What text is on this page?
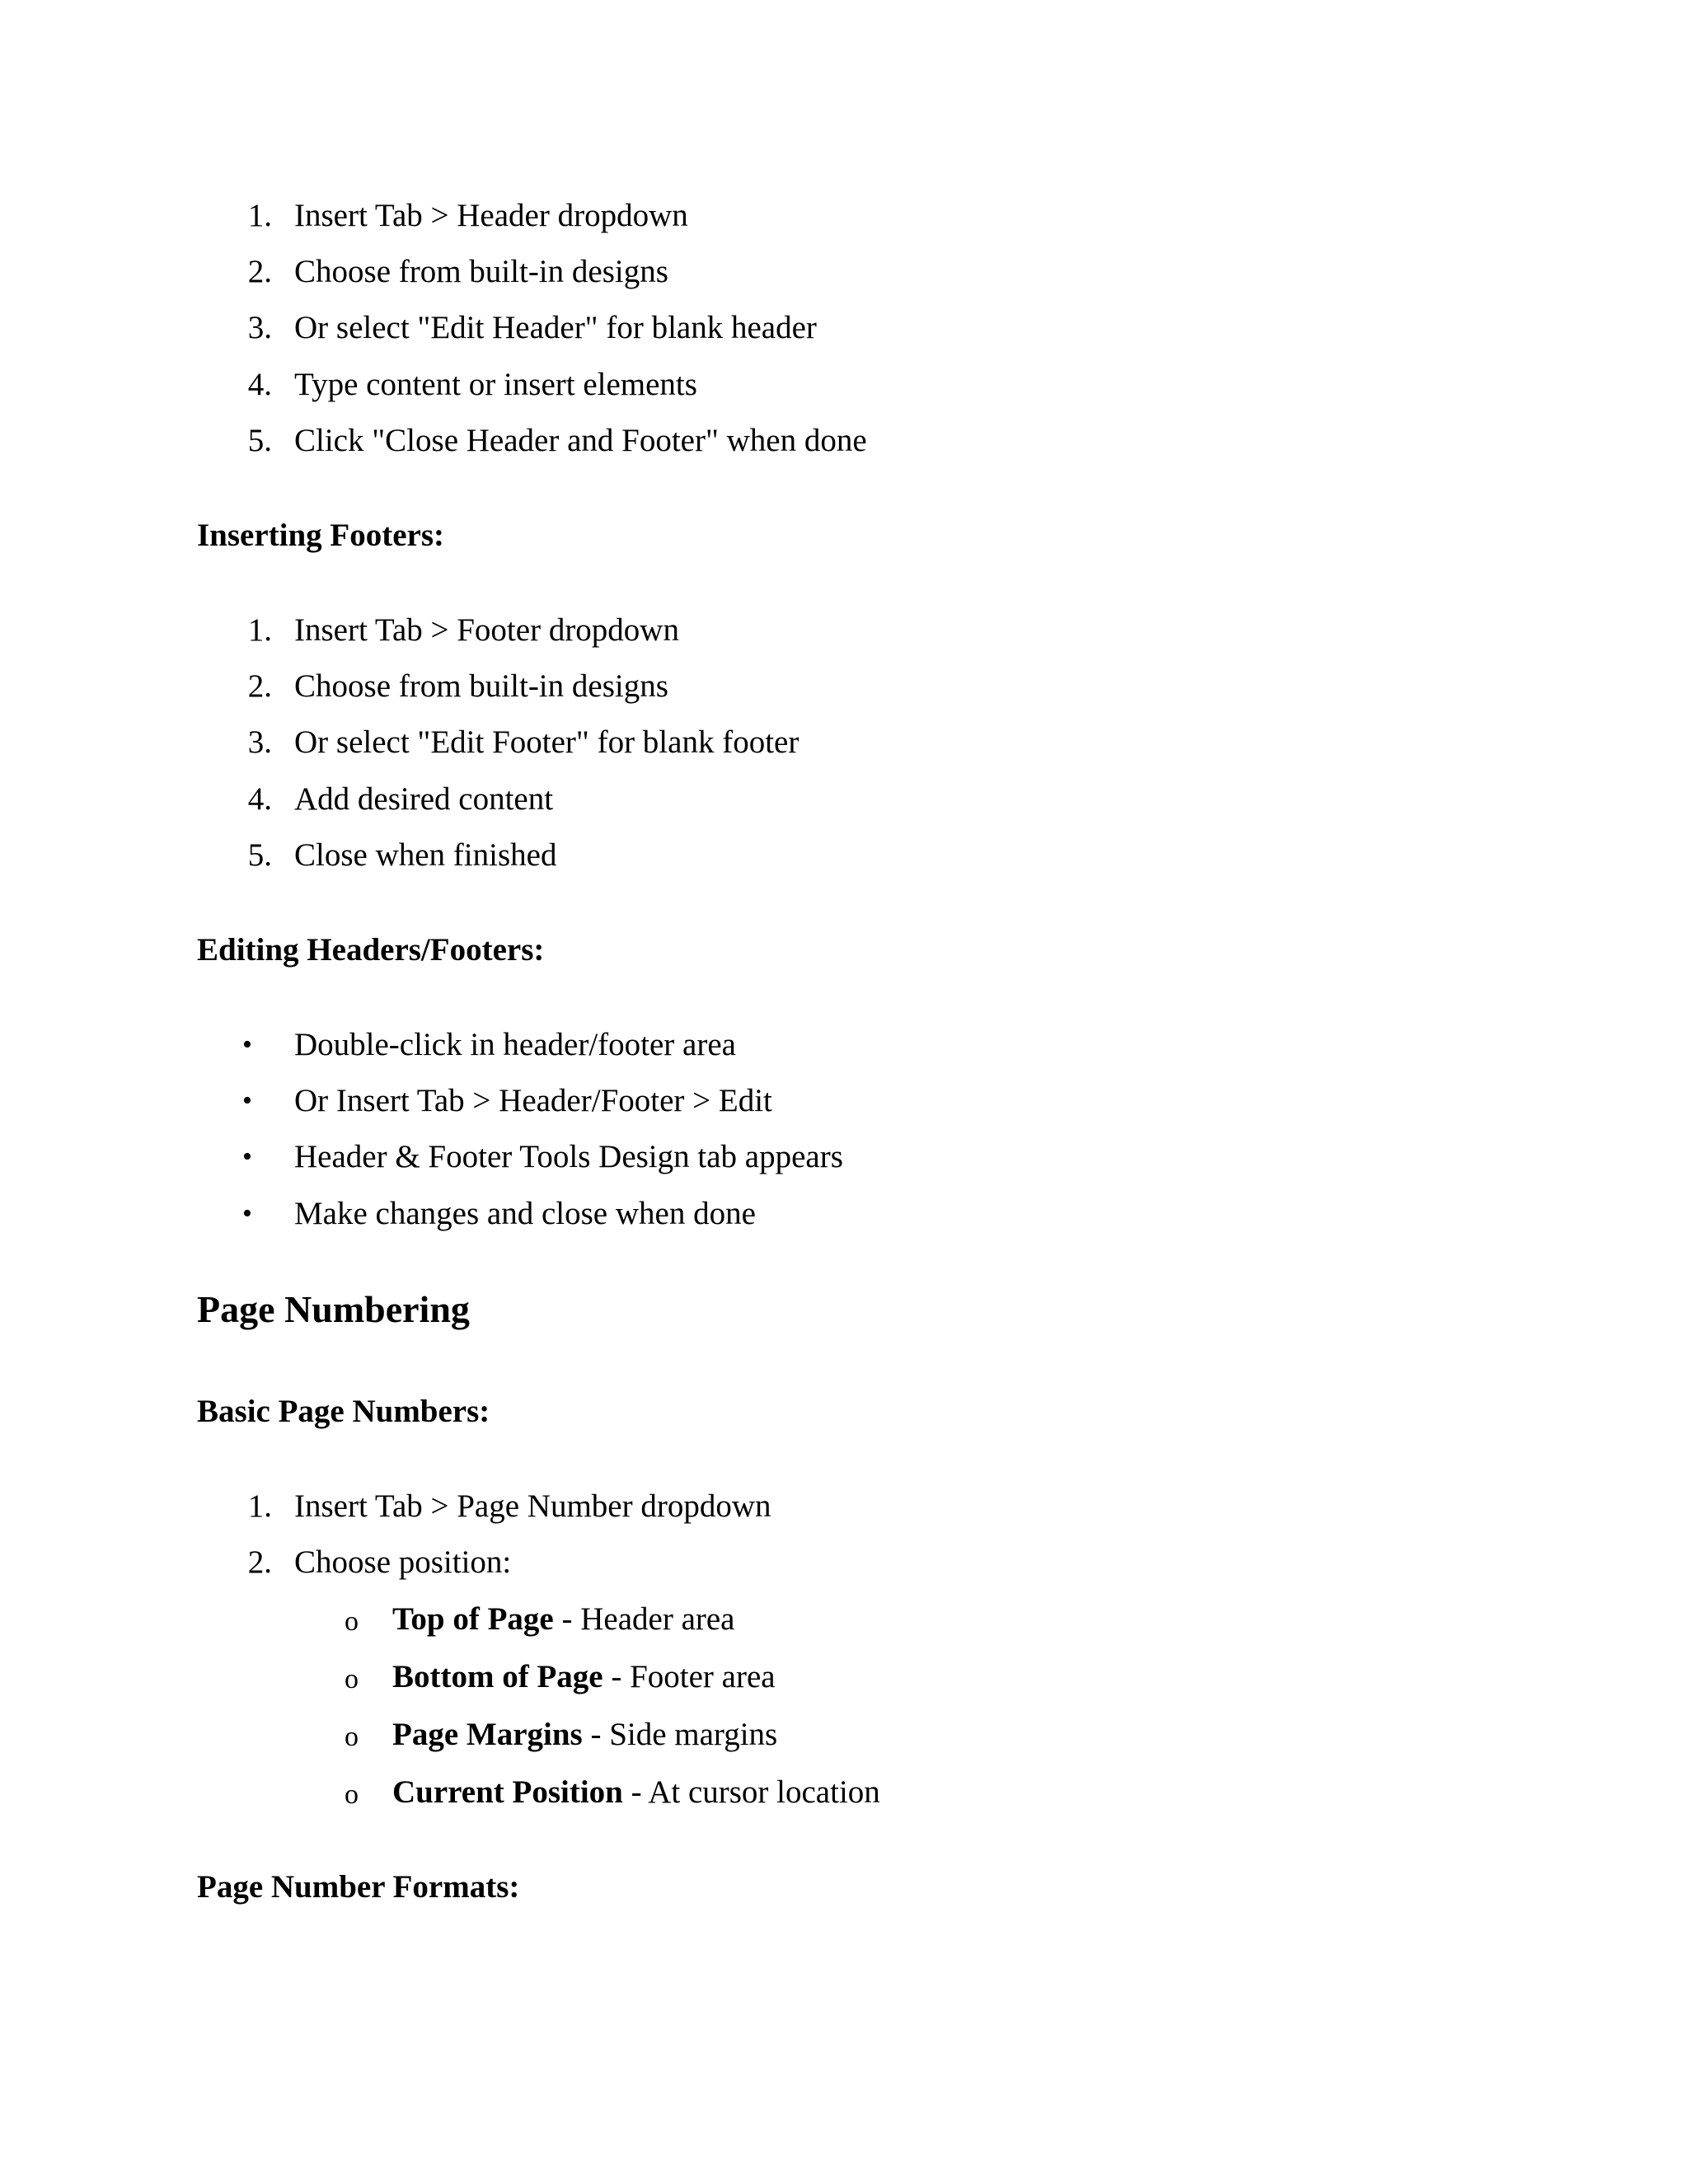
1. Insert Tab > Header dropdown
2. Choose from built-in designs
3. Or select "Edit Header" for blank header
4. Type content or insert elements
5. Click "Close Header and Footer" when done
Inserting Footers:
1. Insert Tab > Footer dropdown
2. Choose from built-in designs
3. Or select "Edit Footer" for blank footer
4. Add desired content
5. Close when finished
Editing Headers/Footers:
• Double-click in header/footer area
• Or Insert Tab > Header/Footer > Edit
• Header & Footer Tools Design tab appears
• Make changes and close when done
Page Numbering
Basic Page Numbers:
1. Insert Tab > Page Number dropdown
2. Choose position:
o Top of Page - Header area
o Bottom of Page - Footer area
o Page Margins - Side margins
o Current Position - At cursor location
Page Number Formats:
